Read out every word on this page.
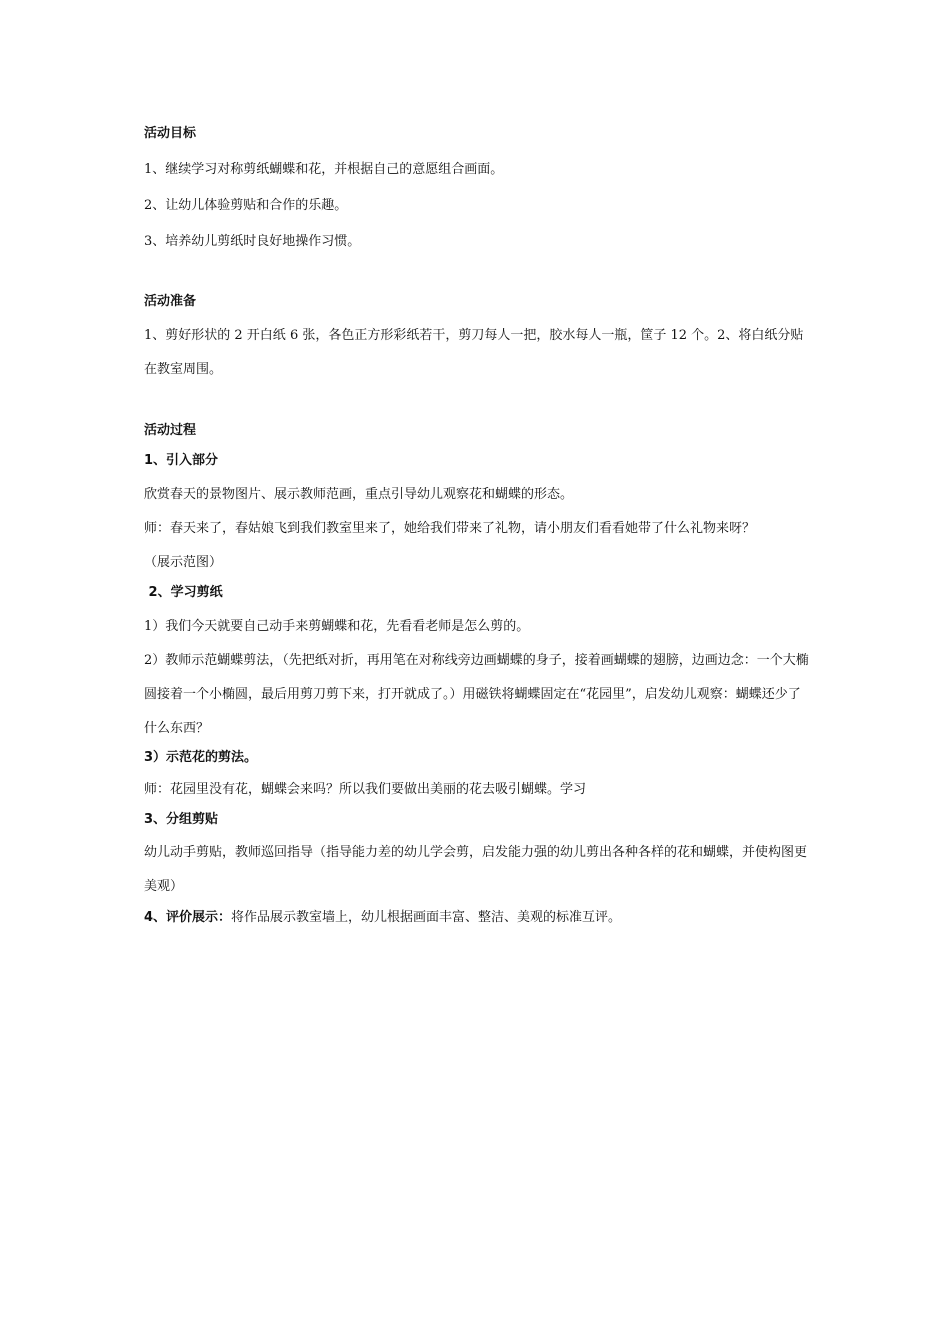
活动目标

1、继续学习对称剪纸蝴蝶和花，并根据自己的意愿组合画面。

2、让幼儿体验剪贴和合作的乐趣。

3、培养幼儿剪纸时良好地操作习惯。

活动准备

1、剪好形状的 2 开白纸 6 张，各色正方形彩纸若干，剪刀每人一把，胶水每人一瓶，筐子 12 个。2、将白纸分贴在教室周围。

活动过程

1、引入部分

欣赏春天的景物图片、展示教师范画，重点引导幼儿观察花和蝴蝶的形态。

师：春天来了，春姑娘飞到我们教室里来了，她给我们带来了礼物，请小朋友们看看她带了什么礼物来呀？

（展示范图）

2、学习剪纸

1）我们今天就要自己动手来剪蝴蝶和花，先看看老师是怎么剪的。

2）教师示范蝴蝶剪法，（先把纸对折，再用笔在对称线旁边画蝴蝶的身子，接着画蝴蝶的翅膀，边画边念：一个大椭圆接着一个小椭圆，最后用剪刀剪下来，打开就成了。）用磁铁将蝴蝶固定在“花园里”，启发幼儿观察：蝴蝶还少了什么东西？

3）示范花的剪法。

师：花园里没有花，蝴蝶会来吗？所以我们要做出美丽的花去吸引蝴蝶。学习

3、分组剪贴

幼儿动手剪贴，教师巡回指导（指导能力差的幼儿学会剪，启发能力强的幼儿剪出各种各样的花和蝴蝶，并使构图更美观）

4、评价展示：将作品展示教室墙上，幼儿根据画面丰富、整洁、美观的标准互评。
